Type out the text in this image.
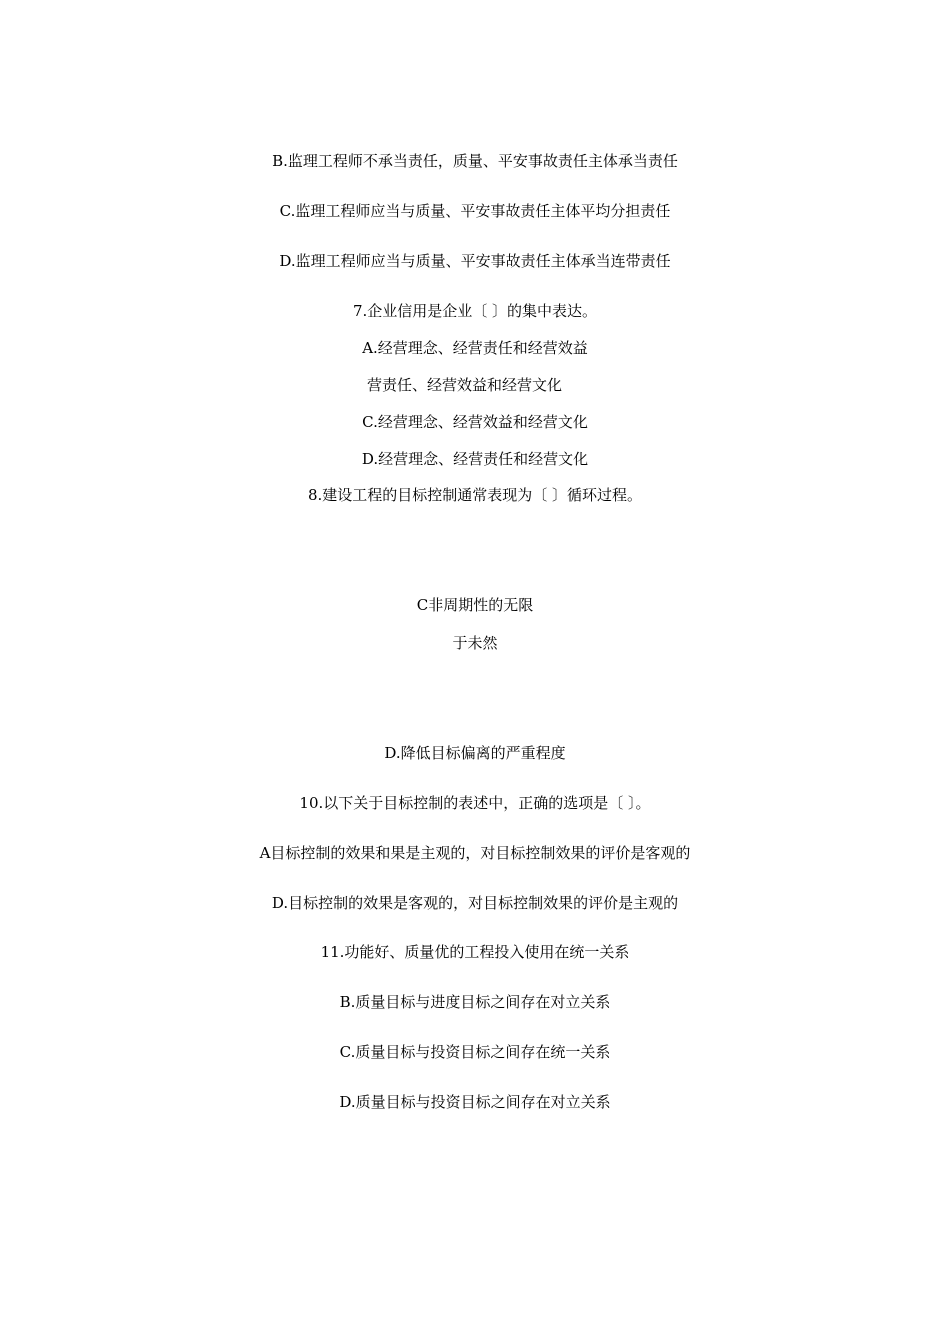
B.监理工程师不承当责任，质量、平安事故责任主体承当责任
C.监理工程师应当与质量、平安事故责任主体平均分担责任
D.监理工程师应当与质量、平安事故责任主体承当连带责任
7.企业信用是企业〔 〕的集中表达。
A.经营理念、经营责任和经营效益
营责任、经营效益和经营文化
C.经营理念、经营效益和经营文化
D.经营理念、经营责任和经营文化
8.建设工程的目标控制通常表现为〔 〕循环过程。
C非周期性的无限
于未然
D.降低目标偏离的严重程度
10.以下关于目标控制的表述中，正确的选项是〔 〕。
A目标控制的效果和果是主观的，对目标控制效果的评价是客观的
D.目标控制的效果是客观的，对目标控制效果的评价是主观的
11.功能好、质量优的工程投入使用在统一关系
B.质量目标与进度目标之间存在对立关系
C.质量目标与投资目标之间存在统一关系
D.质量目标与投资目标之间存在对立关系
